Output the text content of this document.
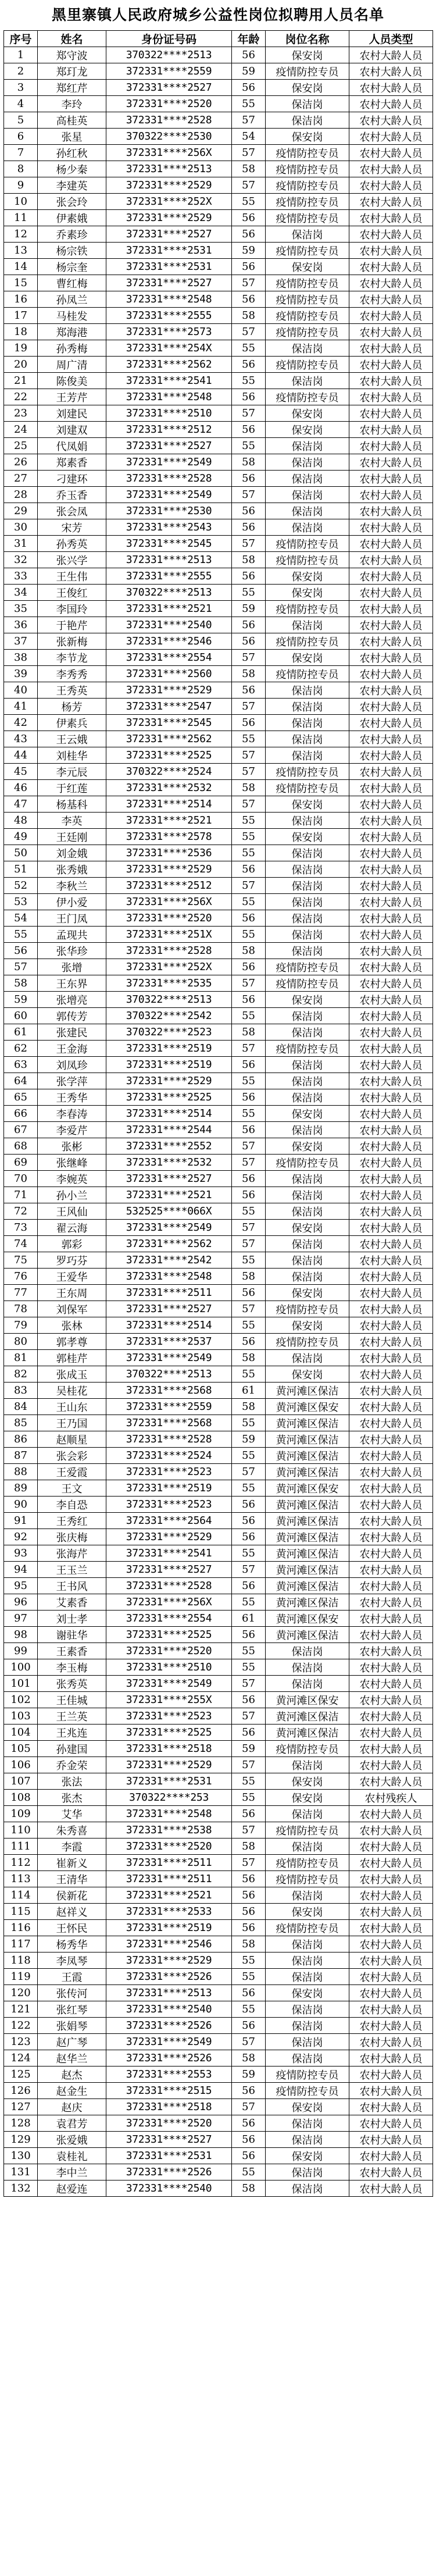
黑里寨镇人民政府城乡公益性岗位拟聘用人员名单
序号	姓名	身份证号码	年龄	岗位名称	人员类型
1	郑守波	370322****2513	56	保安岗	农村大龄人员
2	郑玎龙	372331****2559	59	疫情防控专员	农村大龄人员
3	郑红芹	372331****2527	56	保安岗	农村大龄人员
4	李玲	372331****2520	55	保洁岗	农村大龄人员
5	高桂英	372331****2528	57	保洁岗	农村大龄人员
6	张星	370322****2530	54	保安岗	农村大龄人员
7	孙红秋	372331****256X	57	疫情防控专员	农村大龄人员
8	杨少秦	372331****2513	58	疫情防控专员	农村大龄人员
9	李建英	372331****2529	57	疫情防控专员	农村大龄人员
10	张会玲	372331****252X	55	疫情防控专员	农村大龄人员
11	伊素娥	372331****2529	56	疫情防控专员	农村大龄人员
12	乔素珍	372331****2527	56	保洁岗	农村大龄人员
13	杨宗铁	372331****2531	59	疫情防控专员	农村大龄人员
14	杨宗奎	372331****2531	56	保安岗	农村大龄人员
15	曹红梅	372331****2527	57	疫情防控专员	农村大龄人员
16	孙凤兰	372331****2548	56	疫情防控专员	农村大龄人员
17	马桂发	372331****2555	58	疫情防控专员	农村大龄人员
18	郑海港	372331****2573	57	疫情防控专员	农村大龄人员
19	孙秀梅	372331****254X	55	保洁岗	农村大龄人员
20	周广清	372331****2562	56	疫情防控专员	农村大龄人员
21	陈俊美	372331****2541	55	保洁岗	农村大龄人员
22	王芳芹	372331****2548	56	疫情防控专员	农村大龄人员
23	刘建民	372331****2510	57	保安岗	农村大龄人员
24	刘建双	372331****2512	56	保安岗	农村大龄人员
25	代凤娟	372331****2527	55	保洁岗	农村大龄人员
26	郑素香	372331****2549	58	保洁岗	农村大龄人员
27	刁建环	372331****2528	56	保洁岗	农村大龄人员
28	乔玉香	372331****2549	57	保洁岗	农村大龄人员
29	张会凤	372331****2530	56	保洁岗	农村大龄人员
30	宋芳	372331****2543	56	保洁岗	农村大龄人员
31	孙秀英	372331****2545	57	疫情防控专员	农村大龄人员
32	张兴学	372331****2513	58	疫情防控专员	农村大龄人员
33	王生伟	372331****2555	56	保安岗	农村大龄人员
34	王俊红	370322****2513	55	保安岗	农村大龄人员
35	李国玲	372331****2521	59	疫情防控专员	农村大龄人员
36	于艳芹	372331****2540	56	保洁岗	农村大龄人员
37	张新梅	372331****2546	56	疫情防控专员	农村大龄人员
38	李节龙	372331****2554	57	保安岗	农村大龄人员
39	李秀秀	372331****2560	58	疫情防控专员	农村大龄人员
40	王秀英	372331****2529	56	保洁岗	农村大龄人员
41	杨芳	372331****2547	57	保洁岗	农村大龄人员
42	伊素兵	372331****2545	56	保洁岗	农村大龄人员
43	王云娥	372331****2562	55	保洁岗	农村大龄人员
44	刘桂华	372331****2525	57	保洁岗	农村大龄人员
45	李元辰	370322****2524	57	疫情防控专员	农村大龄人员
46	于红莲	372331****2532	58	疫情防控专员	农村大龄人员
47	杨基科	372331****2514	57	保安岗	农村大龄人员
48	李英	372331****2521	55	保洁岗	农村大龄人员
49	王廷刚	372331****2578	55	保安岗	农村大龄人员
50	刘金娥	372331****2536	55	保洁岗	农村大龄人员
51	张秀娥	372331****2529	56	保洁岗	农村大龄人员
52	李秋兰	372331****2512	57	保洁岗	农村大龄人员
53	伊小爱	372331****256X	55	保洁岗	农村大龄人员
54	王门凤	372331****2520	56	保洁岗	农村大龄人员
55	孟现共	372331****251X	55	保洁岗	农村大龄人员
56	张华珍	372331****2528	58	保洁岗	农村大龄人员
57	张增	372331****252X	56	疫情防控专员	农村大龄人员
58	王东界	372331****2535	57	疫情防控专员	农村大龄人员
59	张增亮	370322****2513	56	保安岗	农村大龄人员
60	郭传芳	370322****2542	55	保洁岗	农村大龄人员
61	张建民	370322****2523	58	保洁岗	农村大龄人员
62	王金海	372331****2519	57	疫情防控专员	农村大龄人员
63	刘凤珍	372331****2519	56	保洁岗	农村大龄人员
64	张学萍	372331****2529	55	保洁岗	农村大龄人员
65	王秀华	372331****2525	56	保洁岗	农村大龄人员
66	李春涛	372331****2514	55	保安岗	农村大龄人员
67	李爱芹	372331****2544	56	保洁岗	农村大龄人员
68	张彬	372331****2552	57	保安岗	农村大龄人员
69	张继峰	372331****2532	57	疫情防控专员	农村大龄人员
70	李婉英	372331****2527	56	保洁岗	农村大龄人员
71	孙小兰	372331****2521	56	保洁岗	农村大龄人员
72	王风仙	532525****066X	55	保洁岗	农村大龄人员
73	翟云海	372331****2549	57	保安岗	农村大龄人员
74	郭彩	372331****2562	57	保洁岗	农村大龄人员
75	罗巧芬	372331****2542	55	保洁岗	农村大龄人员
76	王爱华	372331****2548	58	保洁岗	农村大龄人员
77	王东周	372331****2511	56	保安岗	农村大龄人员
78	刘保军	372331****2527	57	疫情防控专员	农村大龄人员
79	张林	372331****2514	55	保安岗	农村大龄人员
80	郭孝尊	372331****2537	56	疫情防控专员	农村大龄人员
81	郭桂芹	372331****2549	58	保洁岗	农村大龄人员
82	张成玉	370322****2513	55	保安岗	农村大龄人员
83	吴桂花	372331****2568	61	黄河滩区保洁	农村大龄人员
84	王山东	372331****2559	58	黄河滩区保安	农村大龄人员
85	王乃国	372331****2568	55	黄河滩区保洁	农村大龄人员
86	赵顺星	372331****2528	59	黄河滩区保洁	农村大龄人员
87	张会彩	372331****2524	55	黄河滩区保洁	农村大龄人员
88	王爱霞	372331****2523	57	黄河滩区保洁	农村大龄人员
89	王文	372331****2519	55	黄河滩区保安	农村大龄人员
90	李自恐	372331****2523	56	黄河滩区保洁	农村大龄人员
91	王秀红	372331****2564	56	黄河滩区保洁	农村大龄人员
92	张庆梅	372331****2529	56	黄河滩区保洁	农村大龄人员
93	张海芹	372331****2541	55	黄河滩区保洁	农村大龄人员
94	王玉兰	372331****2527	57	黄河滩区保洁	农村大龄人员
95	王书风	372331****2528	56	黄河滩区保洁	农村大龄人员
96	艾素香	372331****256X	55	黄河滩区保洁	农村大龄人员
97	刘士孝	372331****2554	61	黄河滩区保安	农村大龄人员
98	谢驻华	372331****2525	56	黄河滩区保洁	农村大龄人员
99	王素香	372331****2520	55	保洁岗	农村大龄人员
100	李玉梅	372331****2510	55	保洁岗	农村大龄人员
101	张秀英	372331****2549	57	保洁岗	农村大龄人员
102	王佳城	372331****255X	56	黄河滩区保安	农村大龄人员
103	王兰英	372331****2523	57	黄河滩区保洁	农村大龄人员
104	王兆连	372331****2525	56	黄河滩区保洁	农村大龄人员
105	孙建国	372331****2518	59	疫情防控专员	农村大龄人员
106	乔金荣	372331****2529	57	保洁岗	农村大龄人员
107	张法	372331****2531	55	保安岗	农村大龄人员
108	张杰	370322****253	55	保安岗	农村残疾人
109	艾华	372331****2548	56	保洁岗	农村大龄人员
110	朱秀喜	372331****2538	57	疫情防控专员	农村大龄人员
111	李霞	372331****2520	58	保洁岗	农村大龄人员
112	崔新义	372331****2511	57	疫情防控专员	农村大龄人员
113	王清华	372331****2511	56	疫情防控专员	农村大龄人员
114	侯新花	372331****2521	56	保洁岗	农村大龄人员
115	赵祥义	372331****2533	56	保安岗	农村大龄人员
116	王怀民	372331****2519	56	疫情防控专员	农村大龄人员
117	杨秀华	372331****2546	58	保洁岗	农村大龄人员
118	李凤琴	372331****2529	55	保洁岗	农村大龄人员
119	王霞	372331****2526	55	保洁岗	农村大龄人员
120	张传河	372331****2513	56	保安岗	农村大龄人员
121	张红琴	372331****2540	55	保洁岗	农村大龄人员
122	张娟琴	372331****2526	56	保洁岗	农村大龄人员
123	赵广琴	372331****2549	57	保洁岗	农村大龄人员
124	赵华兰	372331****2526	58	保洁岗	农村大龄人员
125	赵杰	372331****2553	59	疫情防控专员	农村大龄人员
126	赵金生	372331****2515	56	疫情防控专员	农村大龄人员
127	赵庆	372331****2518	57	保安岗	农村大龄人员
128	袁君芳	372331****2520	56	保洁岗	农村大龄人员
129	张爱娥	372331****2527	56	保洁岗	农村大龄人员
130	袁桂礼	372331****2531	56	保安岗	农村大龄人员
131	李中兰	372331****2526	55	保洁岗	农村大龄人员
132	赵爱连	372331****2540	58	保洁岗	农村大龄人员
